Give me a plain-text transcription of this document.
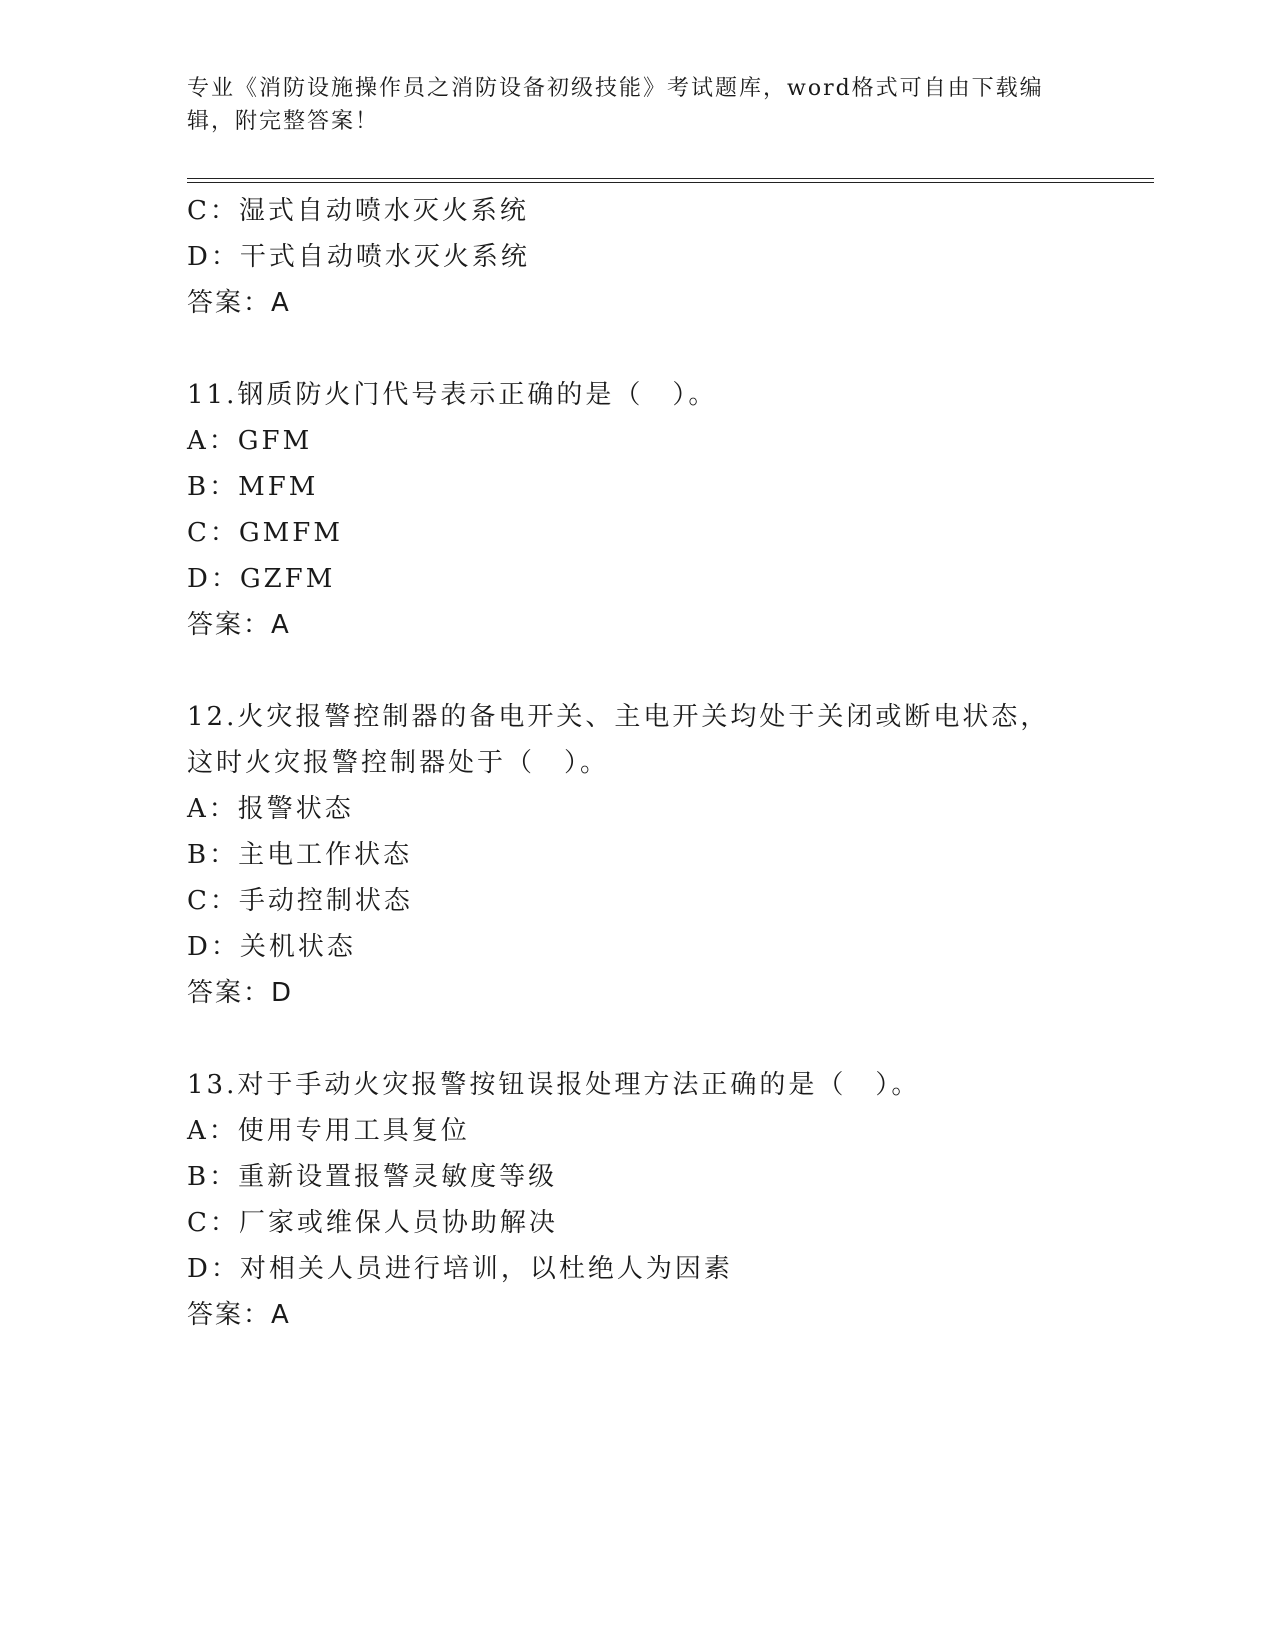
专业《消防设施操作员之消防设备初级技能》考试题库，word格式可自由下载编辑，附完整答案！
C：湿式自动喷水灭火系统
D：干式自动喷水灭火系统
答案：A
11.钢质防火门代号表示正确的是（　）。
A：GFM
B：MFM
C：GMFM
D：GZFM
答案：A
12.火灾报警控制器的备电开关、主电开关均处于关闭或断电状态，这时火灾报警控制器处于（　）。
A：报警状态
B：主电工作状态
C：手动控制状态
D：关机状态
答案：D
13.对于手动火灾报警按钮误报处理方法正确的是（　）。
A：使用专用工具复位
B：重新设置报警灵敏度等级
C：厂家或维保人员协助解决
D：对相关人员进行培训，以杜绝人为因素
答案：A
